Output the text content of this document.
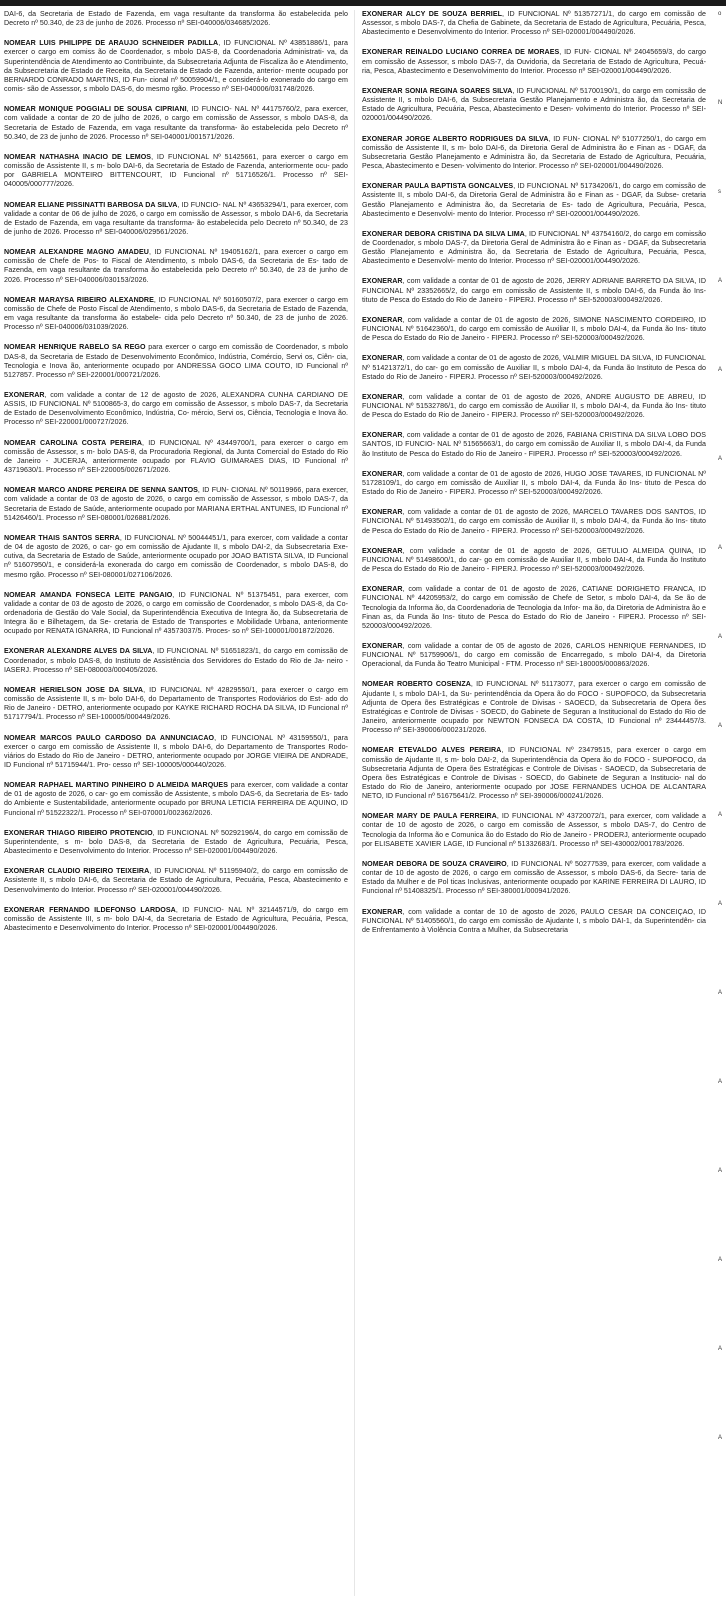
DAI-6, da Secretaria de Estado de Fazenda, em vaga resultante da transforma ão estabelecida pelo Decreto nº 50.340, de 23 de junho de 2026. Processo nº SEI-040006/034685/2026.

NOMEAR LUIS PHILIPPE DE ARAUJO SCHNEIDER PADILLA, ID FUNCIONAL Nº 43851886/1, para exercer o cargo em comiss ão de Coordenador, s mbolo DAS-8, da Coordenadoria Administrati- va, da Superintendência de Atendimento ao Contribuinte, da Subsecretaria Adjunta de Fiscaliza ão e Atendimento, da Subsecretaria de Estado de Receita, da Secretaria de Estado de Fazenda, anterior- mente ocupado por BERNARDO CONRADO MARTINS, ID Fun- cional nº 50059904/1, e considerá-lo exonerado do cargo em comis- são de Assessor, s mbolo DAS-6, do mesmo rgão. Processo nº SEI-040006/031748/2026.

NOMEAR MONIQUE POGGIALI DE SOUSA CIPRIANI, ID FUNCIO- NAL Nº 44175760/2, para exercer, com validade a contar de 20 de julho de 2026, o cargo em comissão de Assessor, s mbolo DAS-8, da Secretaria de Estado de Fazenda, em vaga resultante da transforma- ão estabelecida pelo Decreto nº 50.340, de 23 de junho de 2026. Processo nº SEI-040001/001571/2026.

NOMEAR NATHASHA INACIO DE LEMOS, ID FUNCIONAL Nº 51425661, para exercer o cargo em comissão de Assistente II, s m- bolo DAI-6, da Secretaria de Estado de Fazenda, anteriormente ocu- pado por GABRIELA MONTEIRO BITTENCOURT, ID Funcional nº 51716526/1. Processo nº SEI-040005/000777/2026.

NOMEAR ELIANE PISSINATTI BARBOSA DA SILVA, ID FUNCIO- NAL Nº 43653294/1, para exercer, com validade a contar de 06 de julho de 2026, o cargo em comissão de Assessor, s mbolo DAI-6, da Secretaria de Estado de Fazenda, em vaga resultante da transforma- ão estabelecida pelo Decreto nº 50.340, de 23 de junho de 2026. Processo nº SEI-040006/029561/2026.

NOMEAR ALEXANDRE MAGNO AMADEU, ID FUNCIONAL Nº 19405162/1, para exercer o cargo em comissão de Chefe de Pos- to Fiscal de Atendimento, s mbolo DAS-6, da Secretaria de Es- tado de Fazenda, em vaga resultante da transforma ão estabelecida pelo Decreto nº 50.340, de 23 de junho de 2026. Processo nº SEI-040006/030153/2026.

NOMEAR MARAYSA RIBEIRO ALEXANDRE, ID FUNCIONAL Nº 50160507/2, para exercer o cargo em comissão de Chefe de Posto Fiscal de Atendimento, s mbolo DAS-6, da Secretaria de Estado de Fazenda, em vaga resultante da transforma ão estabele- cida pelo Decreto nº 50.340, de 23 de junho de 2026. Processo nº SEI-040006/031039/2026.

NOMEAR HENRIQUE RABELO SA REGO para exercer o cargo em comissão de Coordenador, s mbolo DAS-8, da Secretaria de Estado de Desenvolvimento Econômico, Indústria, Comércio, Servi os, Ciên- cia, Tecnologia e Inova ão, anteriormente ocupado por ANDRESSA GOCO LIMA COUTO, ID Funcional nº 5127857. Processo nº SEI-220001/000721/2026.

EXONERAR, com validade a contar de 12 de agosto de 2026, ALEXANDRA CUNHA CARDIANO DE ASSIS, ID FUNCIONAL Nº 5100865-3, do cargo em comissão de Assessor, s mbolo DAS-7, da Secretaria de Estado de Desenvolvimento Econômico, Indústria, Co- mércio, Servi os, Ciência, Tecnologia e Inova ão. Processo nº SEI-220001/000727/2026.

NOMEAR CAROLINA COSTA PEREIRA, ID FUNCIONAL Nº 43449700/1, para exercer o cargo em comissão de Assessor, s m- bolo DAS-8, da Procuradoria Regional, da Junta Comercial do Estado do Rio de Janeiro - JUCERJA, anteriormente ocupado por FLAVIO GUIMARAES DIAS, ID Funcional nº 43719630/1. Processo nº SEI-220005/002671/2026.

NOMEAR MARCO ANDRE PEREIRA DE SENNA SANTOS, ID FUN- CIONAL Nº 50119966, para exercer, com validade a contar de 03 de agosto de 2026, o cargo em comissão de Assessor, s mbolo DAS-7, da Secretaria de Estado de Saúde, anteriormente ocupado por MARIANA ERTHAL ANTUNES, ID Funcional nº 51426460/1. Processo nº SEI-080001/026881/2026.

NOMEAR THAIS SANTOS SERRA, ID FUNCIONAL Nº 50044451/1, para exercer, com validade a contar de 04 de agosto de 2026, o car- go em comissão de Ajudante II, s mbolo DAI-2, da Subsecretaria Exe- cutiva, da Secretaria de Estado de Saúde, anteriormente ocupado por JOAO BATISTA SILVA, ID Funcional nº 51607950/1, e considerá-la exonerada do cargo em comissão de Coordenador, s mbolo DAS-8, do mesmo rgão. Processo nº SEI-080001/027106/2026.

NOMEAR AMANDA FONSECA LEITE PANGAIO, ID FUNCIONAL Nº 51375451, para exercer, com validade a contar de 03 de agosto de 2026, o cargo em comissão de Coordenador, s mbolo DAS-8, da Co- ordenadoria de Gestão do Vale Social, da Superintendência Executiva de Integra ão, da Subsecretaria de Integra ão e Bilhetagem, da Se- cretaria de Estado de Transportes e Mobilidade Urbana, anteriormente ocupado por RENATA IGNARRA, ID Funcional nº 43573037/5. Proces- so nº SEI-100001/001872/2026.

EXONERAR ALEXANDRE ALVES DA SILVA, ID FUNCIONAL Nº 51651823/1, do cargo em comissão de Coordenador, s mbolo DAS-8, do Instituto de Assistência dos Servidores do Estado do Rio de Ja- neiro - IASERJ. Processo nº SEI-080003/000405/2026.

NOMEAR HERIELSON JOSE DA SILVA, ID FUNCIONAL Nº 42829550/1, para exercer o cargo em comissão de Assistente II, s m- bolo DAI-6, do Departamento de Transportes Rodoviários do Est- ado do Rio de Janeiro - DETRO, anteriormente ocupado por KAYKE RICHARD ROCHA DA SILVA, ID Funcional nº 51717794/1. Processo nº SEI-100005/000449/2026.

NOMEAR MARCOS PAULO CARDOSO DA ANNUNCIACAO, ID FUNCIONAL Nº 43159550/1, para exercer o cargo em comissão de Assistente II, s mbolo DAI-6, do Departamento de Transportes Rodo- viários do Estado do Rio de Janeiro - DETRO, anteriormente ocupado por JORGE VIEIRA DE ANDRADE, ID Funcional nº 51715944/1. Pro- cesso nº SEI-100005/000440/2026.

NOMEAR RAPHAEL MARTINO PINHEIRO D ALMEIDA MARQUES para exercer, com validade a contar de 01 de agosto de 2026, o car- go em comissão de Assistente, s mbolo DAS-6, da Secretaria de Es- tado do Ambiente e Sustentabilidade, anteriormente ocupado por BRUNA LETICIA FERREIRA DE AQUINO, ID Funcional nº 51522322/1. Processo nº SEI-070001/002362/2026.

EXONERAR THIAGO RIBEIRO PROTENCIO, ID FUNCIONAL Nº 50292196/4, do cargo em comissão de Superintendente, s m- bolo DAS-8, da Secretaria de Estado de Agricultura, Pecuária, Pesca, Abastecimento e Desenvolvimento do Interior. Processo nº SEI-020001/004490/2026.

EXONERAR CLAUDIO RIBEIRO TEIXEIRA, ID FUNCIONAL Nº 51195940/2, do cargo em comissão de Assistente II, s mbolo DAI-6, da Secretaria de Estado de Agricultura, Pecuária, Pesca, Abastecimento e Desenvolvimento do Interior. Processo nº SEI-020001/004490/2026.

EXONERAR FERNANDO ILDEFONSO LARDOSA, ID FUNCIO- NAL Nº 32144571/9, do cargo em comissão de Assistente III, s m- bolo DAI-4, da Secretaria de Estado de Agricultura, Pecuária, Pesca, Abastecimento e Desenvolvimento do Interior. Processo nº SEI-020001/004490/2026.

EXONERAR ALCY DE SOUZA BERRIEL, ID FUNCIONAL Nº 51357271/1, do cargo em comissão de Assessor, s mbolo DAS-7, da Chefia de Gabinete, da Secretaria de Estado de Agricultura, Pecuária, Pesca, Abastecimento e Desenvolvimento do Interior. Processo nº SEI-020001/004490/2026.

EXONERAR REINALDO LUCIANO CORREA DE MORAES, ID FUN- CIONAL Nº 24045659/3, do cargo em comissão de Assessor, s mbolo DAS-7, da Ouvidoria, da Secretaria de Estado de Agricultura, Pecuá- ria, Pesca, Abastecimento e Desenvolvimento do Interior. Processo nº SEI-020001/004490/2026.

EXONERAR SONIA REGINA SOARES SILVA, ID FUNCIONAL Nº 51700190/1, do cargo em comissão de Assistente II, s mbolo DAI-6, da Subsecretaria Gestão Planejamento e Administra ão, da Secretaria de Estado de Agricultura, Pecuária, Pesca, Abastecimento e Desen- volvimento do Interior. Processo nº SEI-020001/004490/2026.

EXONERAR JORGE ALBERTO RODRIGUES DA SILVA, ID FUN- CIONAL Nº 51077250/1, do cargo em comissão de Assistente II, s m- bolo DAI-6, da Diretoria Geral de Administra ão e Finan as - DGAF, da Subsecretaria Gestão Planejamento e Administra ão, da Secretaria de Estado de Agricultura, Pecuária, Pesca, Abastecimento e Desen- volvimento do Interior. Processo nº SEI-020001/004490/2026.

EXONERAR PAULA BAPTISTA GONCALVES, ID FUNCIONAL Nº 51734206/1, do cargo em comissão de Assistente II, s mbolo DAI-6, da Diretoria Geral de Administra ão e Finan as - DGAF, da Subse- cretaria Gestão Planejamento e Administra ão, da Secretaria de Es- tado de Agricultura, Pecuária, Pesca, Abastecimento e Desenvolvi- mento do Interior. Processo nº SEI-020001/004490/2026.

EXONERAR DEBORA CRISTINA DA SILVA LIMA, ID FUNCIONAL Nº 43754160/2, do cargo em comissão de Coordenador, s mbolo DAS-7, da Diretoria Geral de Administra ão e Finan as - DGAF, da Subsecretaria Gestão Planejamento e Administra ão, da Secretaria de Estado de Agricultura, Pecuária, Pesca, Abastecimento e Desenvolvi- mento do Interior. Processo nº SEI-020001/004490/2026.

EXONERAR, com validade a contar de 01 de agosto de 2026, JERRY ADRIANE BARRETO DA SILVA, ID FUNCIONAL Nº 23352665/2, do cargo em comissão de Assistente II, s mbolo DAI-6, da Funda ão Ins- tituto de Pesca do Estado do Rio de Janeiro - FIPERJ. Processo nº SEI-520003/000492/2026.

EXONERAR, com validade a contar de 01 de agosto de 2026, SIMONE NASCIMENTO CORDEIRO, ID FUNCIONAL Nº 51642360/1, do cargo em comissão de Auxiliar II, s mbolo DAI-4, da Funda ão Ins- tituto de Pesca do Estado do Rio de Janeiro - FIPERJ. Processo nº SEI-520003/000492/2026.

EXONERAR, com validade a contar de 01 de agosto de 2026, VALMIR MIGUEL DA SILVA, ID FUNCIONAL Nº 51421372/1, do car- go em comissão de Auxiliar II, s mbolo DAI-4, da Funda ão Instituto de Pesca do Estado do Rio de Janeiro - FIPERJ. Processo nº SEI-520003/000492/2026.

EXONERAR, com validade a contar de 01 de agosto de 2026, ANDRE AUGUSTO DE ABREU, ID FUNCIONAL Nº 51532786/1, do cargo em comissão de Auxiliar II, s mbolo DAI-4, da Funda ão Ins- tituto de Pesca do Estado do Rio de Janeiro - FIPERJ. Processo nº SEI-520003/000492/2026.

EXONERAR, com validade a contar de 01 de agosto de 2026, FABIANA CRISTINA DA SILVA LOBO DOS SANTOS, ID FUNCIO- NAL Nº 51565663/1, do cargo em comissão de Auxiliar II, s mbolo DAI-4, da Funda ão Instituto de Pesca do Estado do Rio de Janeiro - FIPERJ. Processo nº SEI-520003/000492/2026.

EXONERAR, com validade a contar de 01 de agosto de 2026, HUGO JOSE TAVARES, ID FUNCIONAL Nº 51728109/1, do cargo em comissão de Auxiliar II, s mbolo DAI-4, da Funda ão Ins- tituto de Pesca do Estado do Rio de Janeiro - FIPERJ. Processo nº SEI-520003/000492/2026.

EXONERAR, com validade a contar de 01 de agosto de 2026, MARCELO TAVARES DOS SANTOS, ID FUNCIONAL Nº 51493502/1, do cargo em comissão de Auxiliar II, s mbolo DAI-4, da Funda ão Ins- tituto de Pesca do Estado do Rio de Janeiro - FIPERJ. Processo nº SEI-520003/000492/2026.

EXONERAR, com validade a contar de 01 de agosto de 2026, GETULIO ALMEIDA QUINA, ID FUNCIONAL Nº 51498600/1, do car- go em comissão de Auxiliar II, s mbolo DAI-4, da Funda ão Instituto de Pesca do Estado do Rio de Janeiro - FIPERJ. Processo nº SEI-520003/000492/2026.

EXONERAR, com validade a contar de 01 de agosto de 2026, CATIANE DORIGHETO FRANCA, ID FUNCIONAL Nº 44205953/2, do cargo em comissão de Chefe de Setor, s mbolo DAI-4, da Se ão de Tecnologia da Informa ão, da Coordenadoria de Tecnologia da Infor- ma ão, da Diretoria de Administra ão e Finan as, da Funda ão Ins- tituto de Pesca do Estado do Rio de Janeiro - FIPERJ. Processo nº SEI-520003/000492/2026.

EXONERAR, com validade a contar de 05 de agosto de 2026, CARLOS HENRIQUE FERNANDES, ID FUNCIONAL Nº 51759906/1, do cargo em comissão de Encarregado, s mbolo DAI-4, da Diretoria Operacional, da Funda ão Teatro Municipal - FTM. Processo nº SEI-180005/000863/2026.

NOMEAR ROBERTO COSENZA, ID FUNCIONAL Nº 51173077, para exercer o cargo em comissão de Ajudante I, s mbolo DAI-1, da Su- perintendência da Opera ão do FOCO - SUPOFOCO, da Subsecretaria Adjunta de Opera ões Estratégicas e Controle de Divisas - SAOECD, da Subsecretaria de Opera ões Estratégicas e Controle de Divisas - SOECD, do Gabinete de Seguran a Institucional do Estado do Rio de Janeiro, anteriormente ocupado por NEWTON FONSECA DA COSTA, ID Funcional nº 23444457/3. Processo nº SEI-390006/000231/2026.

NOMEAR ETEVALDO ALVES PEREIRA, ID FUNCIONAL Nº 23479515, para exercer o cargo em comissão de Ajudante II, s m- bolo DAI-2, da Superintendência da Opera ão do FOCO - SUPOFOCO, da Subsecretaria Adjunta de Opera ões Estratégicas e Controle de Divisas - SAOECD, da Subsecretaria de Opera ões Estratégicas e Controle de Divisas - SOECD, do Gabinete de Seguran a Institucio- nal do Estado do Rio de Janeiro, anteriormente ocupado por JOSE FERNANDES UCHOA DE ALCANTARA NETO, ID Funcional nº 51675641/2. Processo nº SEI-390006/000241/2026.

NOMEAR MARY DE PAULA FERREIRA, ID FUNCIONAL Nº 43720072/1, para exercer, com validade a contar de 10 de agosto de 2026, o cargo em comissão de Assessor, s mbolo DAS-7, do Centro de Tecnologia da Informa ão e Comunica ão do Estado do Rio de Janeiro - PRODERJ, anteriormente ocupado por ELISABETE XAVIER LAGE, ID Funcional nº 51332683/1. Processo nº SEI-430002/001783/2026.

NOMEAR DEBORA DE SOUZA CRAVEIRO, ID FUNCIONAL Nº 50277539, para exercer, com validade a contar de 10 de agosto de 2026, o cargo em comissão de Assessor, s mbolo DAS-6, da Secre- taria de Estado da Mulher e de Pol ticas Inclusivas, anteriormente ocupado por KARINE FERREIRA DI LAURO, ID Funcional nº 51408325/1. Processo nº SEI-380001/000941/2026.

EXONERAR, com validade a contar de 10 de agosto de 2026, PAULO CESAR DA CONCEIÇAO, ID FUNCIONAL Nº 51405560/1, do cargo em comissão de Ajudante I, s mbolo DAI-1, da Superintendên- cia de Enfrentamento à Violência Contra a Mulher, da Subsecretaria

o

N

s

A

A

A

A

A

A

A

A

A

A

A

A

A

A
